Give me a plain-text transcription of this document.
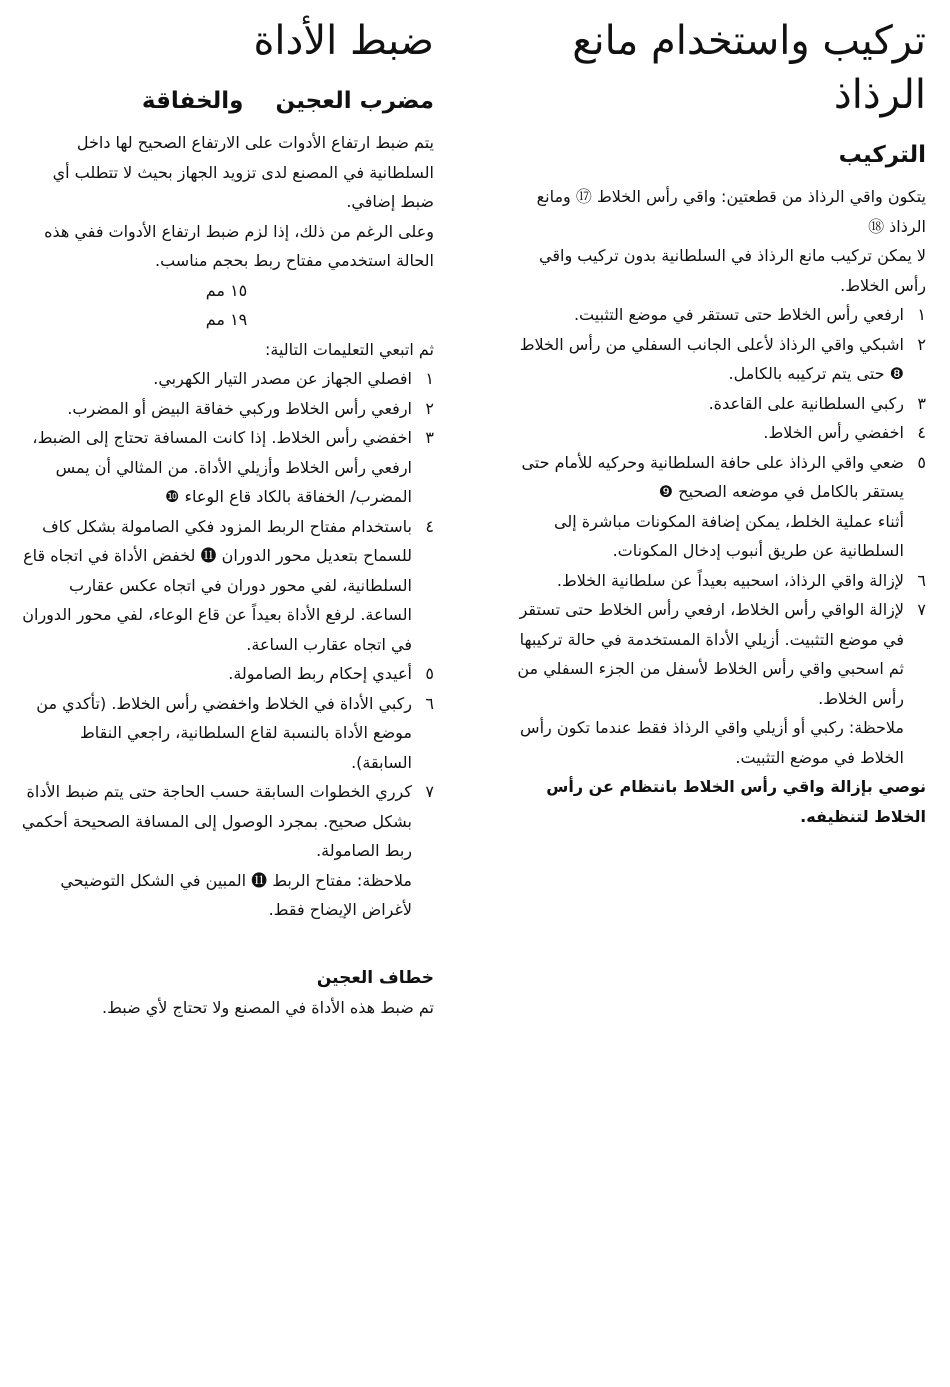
تركيب واستخدام مانع الرذاذ
التركيب

يتكون واقي الرذاذ من قطعتين: واقي رأس الخلاط ⑰ ومانع الرذاذ ⑱

لا يمكن تركيب مانع الرذاذ في السلطانية بدون تركيب واقي رأس الخلاط.

١
ارفعي رأس الخلاط حتى تستقر في موضع التثبيت.
٢
اشبكي واقي الرذاذ لأعلى الجانب السفلي من رأس الخلاط ❽ حتى يتم تركيبه بالكامل.
٣
ركبي السلطانية على القاعدة.
٤
اخفضي رأس الخلاط.
٥
ضعي واقي الرذاذ على حافة السلطانية وحركيه للأمام حتى يستقر بالكامل في موضعه الصحيح ❾

أثناء عملية الخلط، يمكن إضافة المكونات مباشرة إلى السلطانية عن طريق أنبوب إدخال المكونات.

٦
لإزالة واقي الرذاذ، اسحبيه بعيداً عن سلطانية الخلاط.
٧
لإزالة الواقي رأس الخلاط، ارفعي رأس الخلاط حتى تستقر في موضع التثبيت. أزيلي الأداة المستخدمة في حالة تركيبها ثم اسحبي واقي رأس الخلاط لأسفل من الجزء السفلي من رأس الخلاط.

ملاحظة: ركبي أو أزيلي واقي الرذاذ فقط عندما تكون رأس الخلاط في موضع التثبيت.

نوصي بإزالة واقي رأس الخلاط بانتظام عن رأس الخلاط لتنظيفه.

ضبط الأداة
مضرب العجين    والخفاقة

يتم ضبط ارتفاع الأدوات على الارتفاع الصحيح لها داخل السلطانية في المصنع لدى تزويد الجهاز بحيث لا تتطلب أي ضبط إضافي.

وعلى الرغم من ذلك، إذا لزم ضبط ارتفاع الأدوات ففي هذه الحالة استخدمي مفتاح ربط بحجم مناسب.

١٥ مم

١٩ مم

ثم اتبعي التعليمات التالية:

١
افصلي الجهاز عن مصدر التيار الكهربي.
٢
ارفعي رأس الخلاط وركبي خفاقة البيض أو المضرب.
٣
اخفضي رأس الخلاط. إذا كانت المسافة تحتاج إلى الضبط، ارفعي رأس الخلاط وأزيلي الأداة. من المثالي أن يمس المضرب/ الخفاقة بالكاد قاع الوعاء ❿
٤
باستخدام مفتاح الربط المزود فكي الصامولة بشكل كاف للسماح بتعديل محور الدوران ⓫ لخفض الأداة في اتجاه قاع السلطانية، لفي محور دوران في اتجاه عكس عقارب الساعة. لرفع الأداة بعيداً عن قاع الوعاء، لفي محور الدوران في اتجاه عقارب الساعة.
٥
أعيدي إحكام ربط الصامولة.
٦
ركبي الأداة في الخلاط واخفضي رأس الخلاط. (تأكدي من موضع الأداة بالنسبة لقاع السلطانية، راجعي النقاط السابقة).
٧
كرري الخطوات السابقة حسب الحاجة حتى يتم ضبط الأداة بشكل صحيح. بمجرد الوصول إلى المسافة الصحيحة أحكمي ربط الصامولة.

ملاحظة: مفتاح الربط ⓫ المبين في الشكل التوضيحي لأغراض الإيضاح فقط.

خطاف العجين

تم ضبط هذه الأداة في المصنع ولا تحتاج لأي ضبط.
